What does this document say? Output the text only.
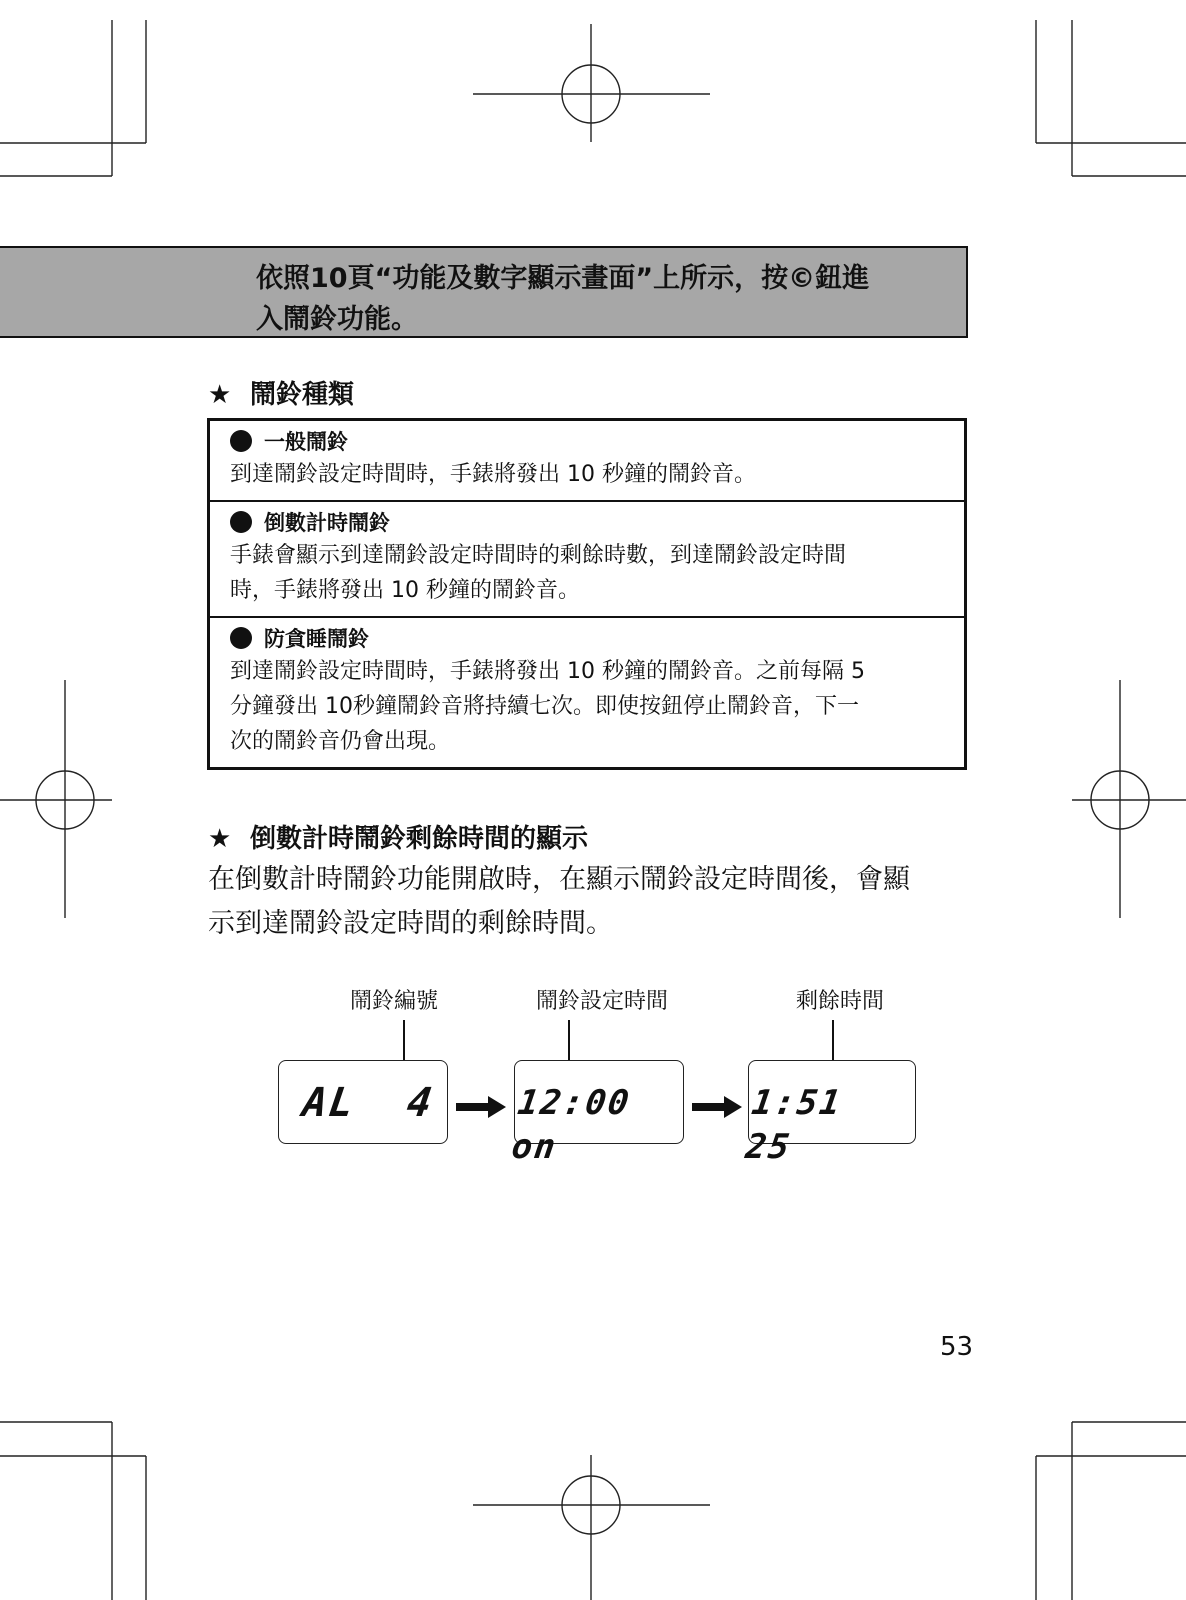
依照10頁“功能及數字顯示畫面”上所示，按©鈕進
入鬧鈴功能。
★ 鬧鈴種類
一般鬧鈴
到達鬧鈴設定時間時，手錶將發出 10 秒鐘的鬧鈴音。
倒數計時鬧鈴
手錶會顯示到達鬧鈴設定時間時的剩餘時數，到達鬧鈴設定時間
時，手錶將發出 10 秒鐘的鬧鈴音。
防貪睡鬧鈴
到達鬧鈴設定時間時，手錶將發出 10 秒鐘的鬧鈴音。之前每隔 5
分鐘發出 10秒鐘鬧鈴音將持續七次。即使按鈕停止鬧鈴音，下一
次的鬧鈴音仍會出現。
★ 倒數計時鬧鈴剩餘時間的顯示
在倒數計時鬧鈴功能開啟時，在顯示鬧鈴設定時間後，會顯
示到達鬧鈴設定時間的剩餘時間。
鬧鈴編號	鬧鈴設定時間	剩餘時間
AL  4 12:00 on
1:51 25
53
